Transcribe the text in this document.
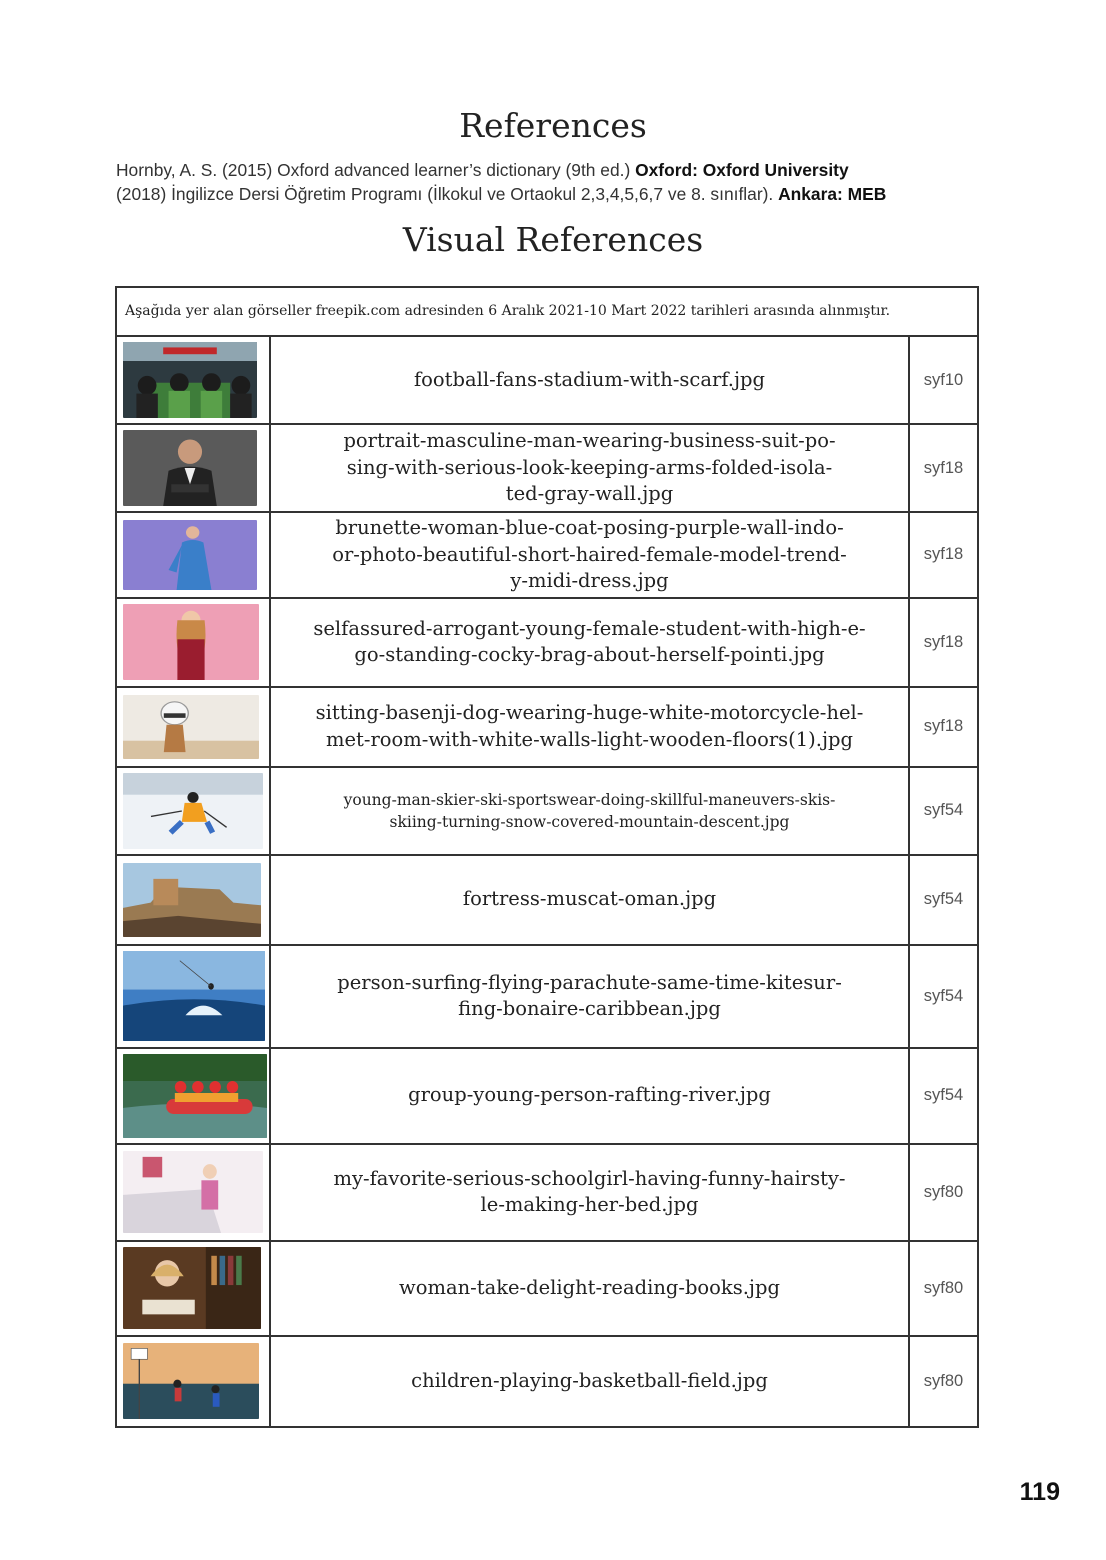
References
Hornby, A. S. (2015) Oxford advanced learner’s dictionary (9th ed.) Oxford: Oxford University
(2018) İngilizce Dersi Öğretim Programı (İlkokul ve Ortaokul 2,3,4,5,6,7 ve 8. sınıflar). Ankara: MEB
Visual References
Aşağıda yer alan görseller freepik.com adresinden 6 Aralık 2021-10 Mart 2022 tarihleri arasında alınmıştır.		

	football-fans-stadium-with-scarf.jpg	syf10

	portrait-masculine-man-wearing-business-suit-po-
sing-with-serious-look-keeping-arms-folded-isola-
ted-gray-wall.jpg	syf18

	brunette-woman-blue-coat-posing-purple-wall-indo-
or-photo-beautiful-short-haired-female-model-trend-
y-midi-dress.jpg	syf18

	selfassured-arrogant-young-female-student-with-high-e-
go-standing-cocky-brag-about-herself-pointi.jpg	syf18

	sitting-basenji-dog-wearing-huge-white-motorcycle-hel-
met-room-with-white-walls-light-wooden-floors(1).jpg	syf18

	young-man-skier-ski-sportswear-doing-skillful-maneuvers-skis-
skiing-turning-snow-covered-mountain-descent.jpg	syf54

	fortress-muscat-oman.jpg	syf54

	person-surfing-flying-parachute-same-time-kitesur-
fing-bonaire-caribbean.jpg	syf54

	group-young-person-rafting-river.jpg	syf54

	my-favorite-serious-schoolgirl-having-funny-hairsty-
le-making-her-bed.jpg	syf80

	woman-take-delight-reading-books.jpg	syf80

	children-playing-basketball-field.jpg	syf80
119
